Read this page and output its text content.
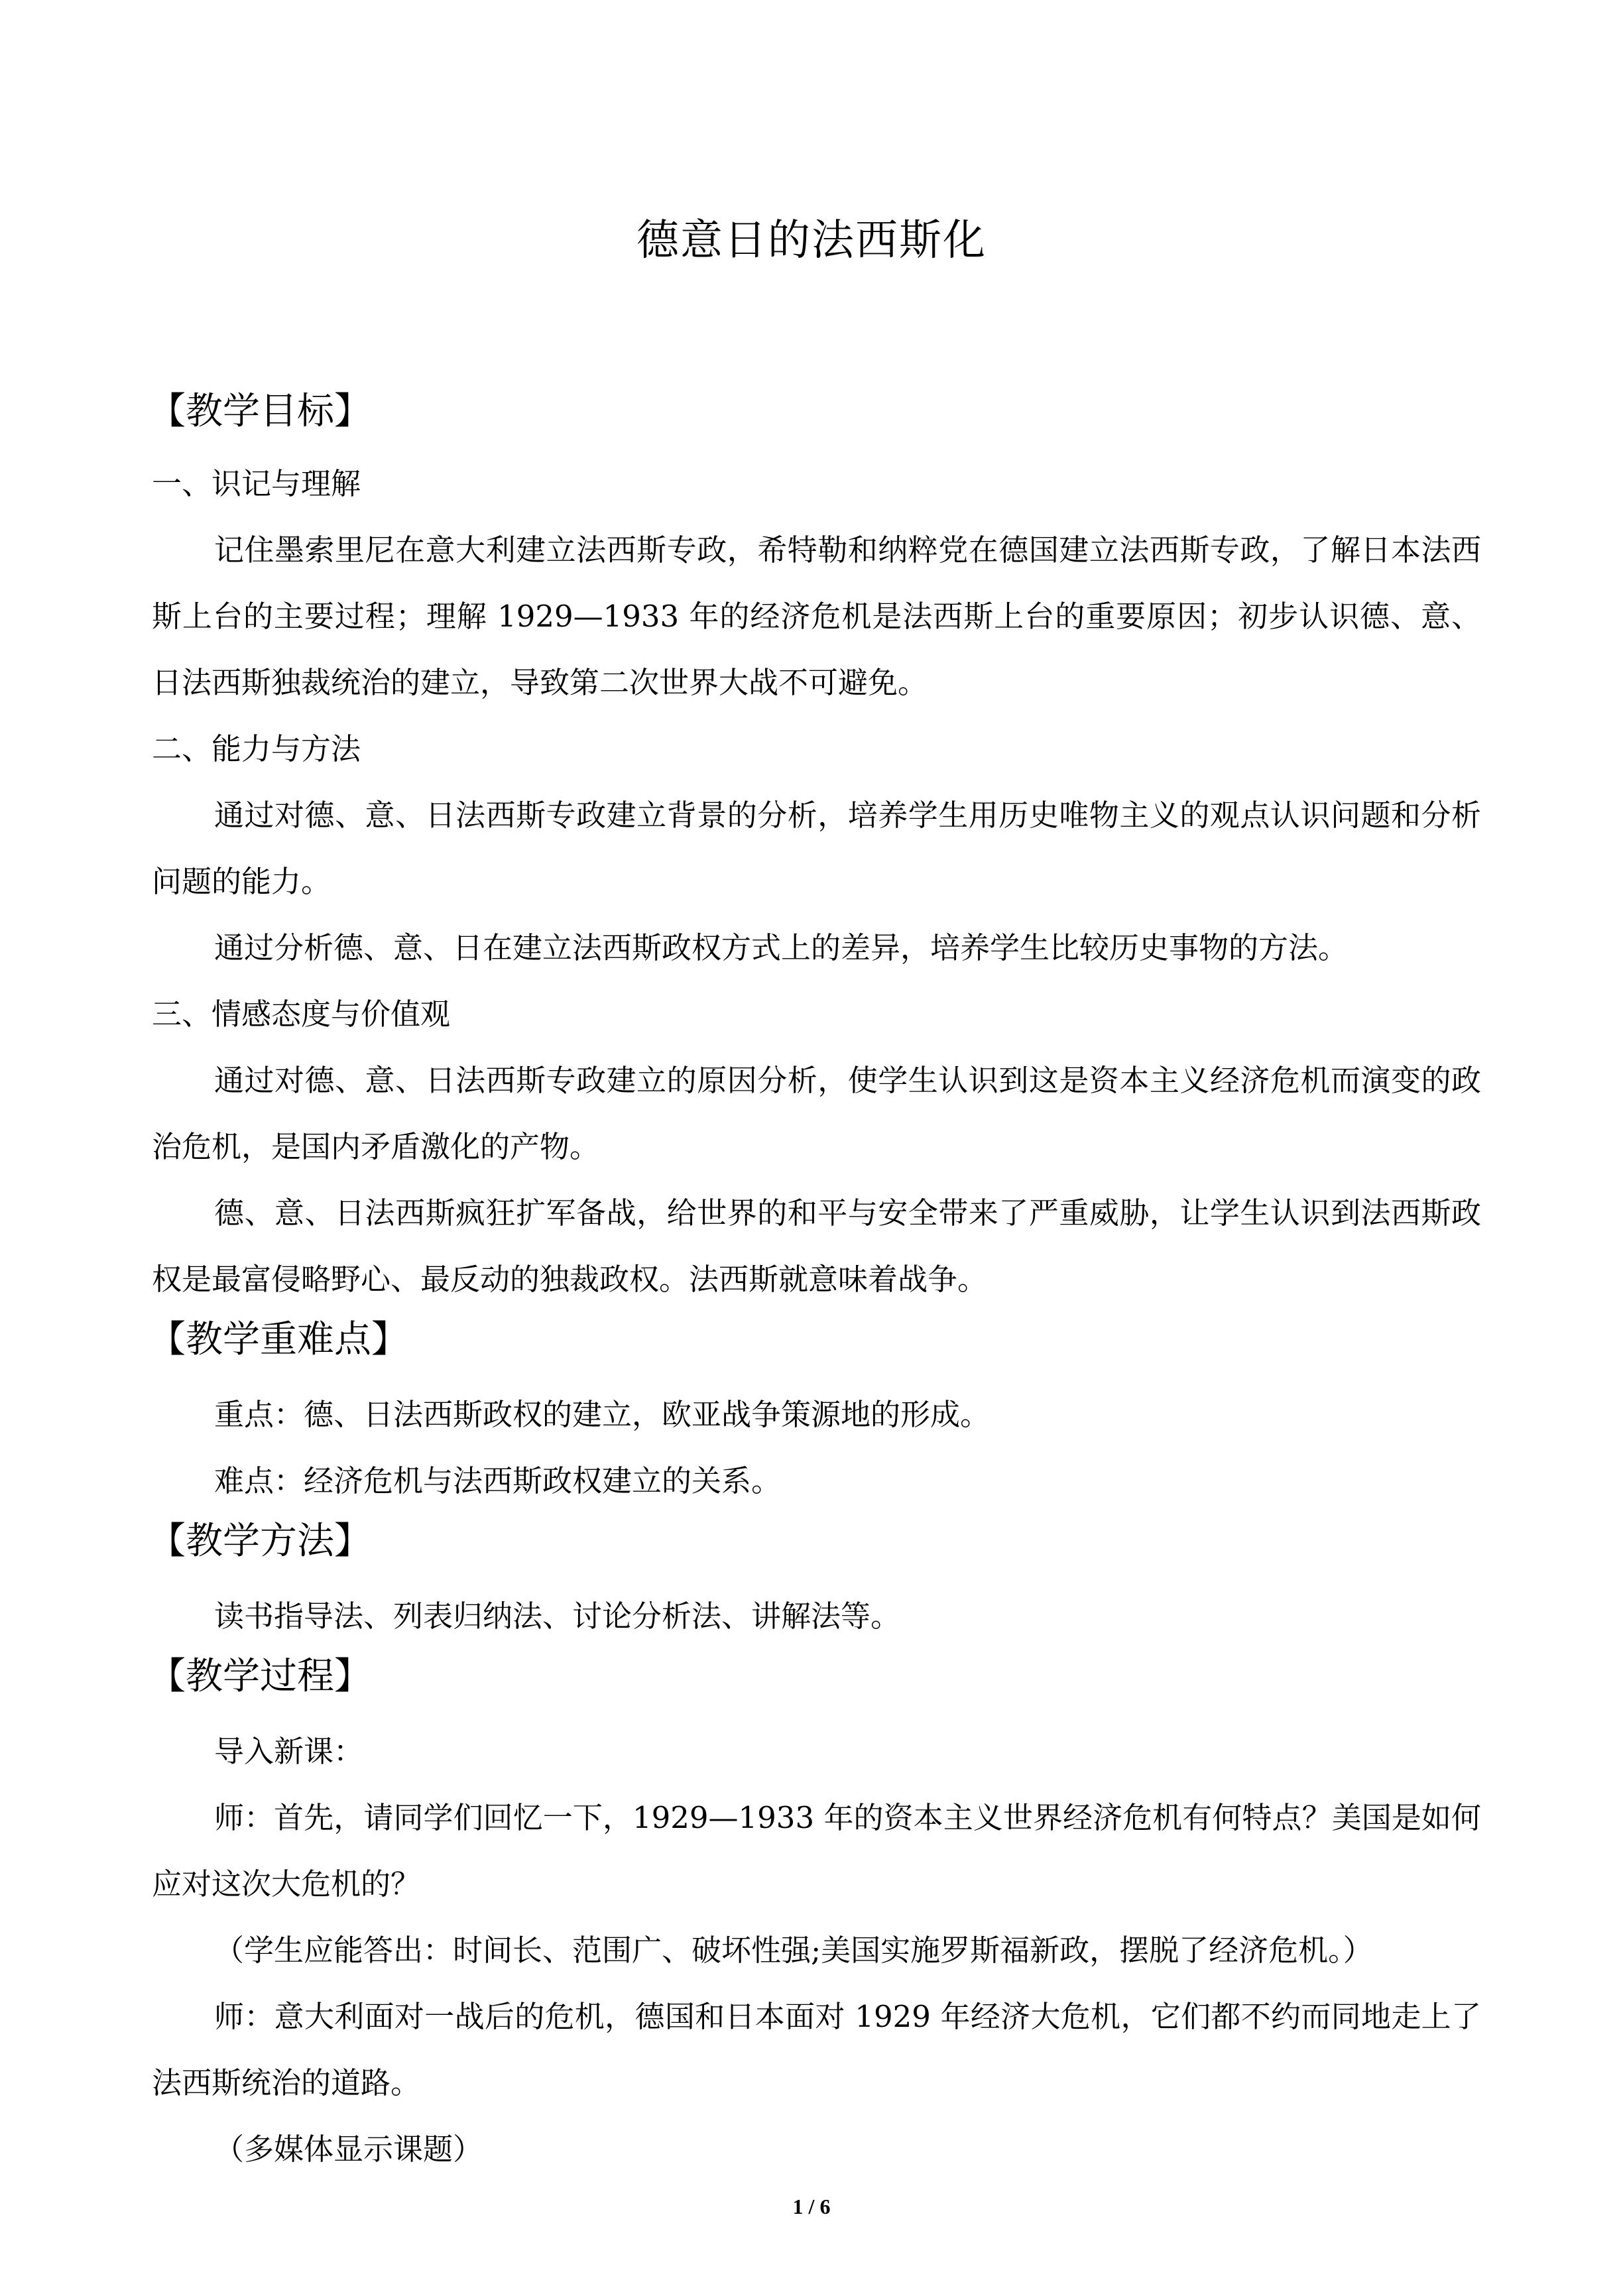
德意日的法西斯化
【教学目标】
一、识记与理解

记住墨索里尼在意大利建立法西斯专政，希特勒和纳粹党在德国建立法西斯专政，了解日本法西斯上台的主要过程；理解 1929—1933 年的经济危机是法西斯上台的重要原因；初步认识德、意、日法西斯独裁统治的建立，导致第二次世界大战不可避免。

二、能力与方法

通过对德、意、日法西斯专政建立背景的分析，培养学生用历史唯物主义的观点认识问题和分析问题的能力。

通过分析德、意、日在建立法西斯政权方式上的差异，培养学生比较历史事物的方法。

三、情感态度与价值观

通过对德、意、日法西斯专政建立的原因分析，使学生认识到这是资本主义经济危机而演变的政治危机，是国内矛盾激化的产物。

德、意、日法西斯疯狂扩军备战，给世界的和平与安全带来了严重威胁，让学生认识到法西斯政权是最富侵略野心、最反动的独裁政权。法西斯就意味着战争。

【教学重难点】

重点：德、日法西斯政权的建立，欧亚战争策源地的形成。

难点：经济危机与法西斯政权建立的关系。

【教学方法】

读书指导法、列表归纳法、讨论分析法、讲解法等。

【教学过程】

导入新课：

师：首先，请同学们回忆一下，1929—1933 年的资本主义世界经济危机有何特点？美国是如何应对这次大危机的？

（学生应能答出：时间长、范围广、破坏性强;美国实施罗斯福新政，摆脱了经济危机。）

师：意大利面对一战后的危机，德国和日本面对 1929 年经济大危机，它们都不约而同地走上了法西斯统治的道路。

（多媒体显示课题）

1 / 6
